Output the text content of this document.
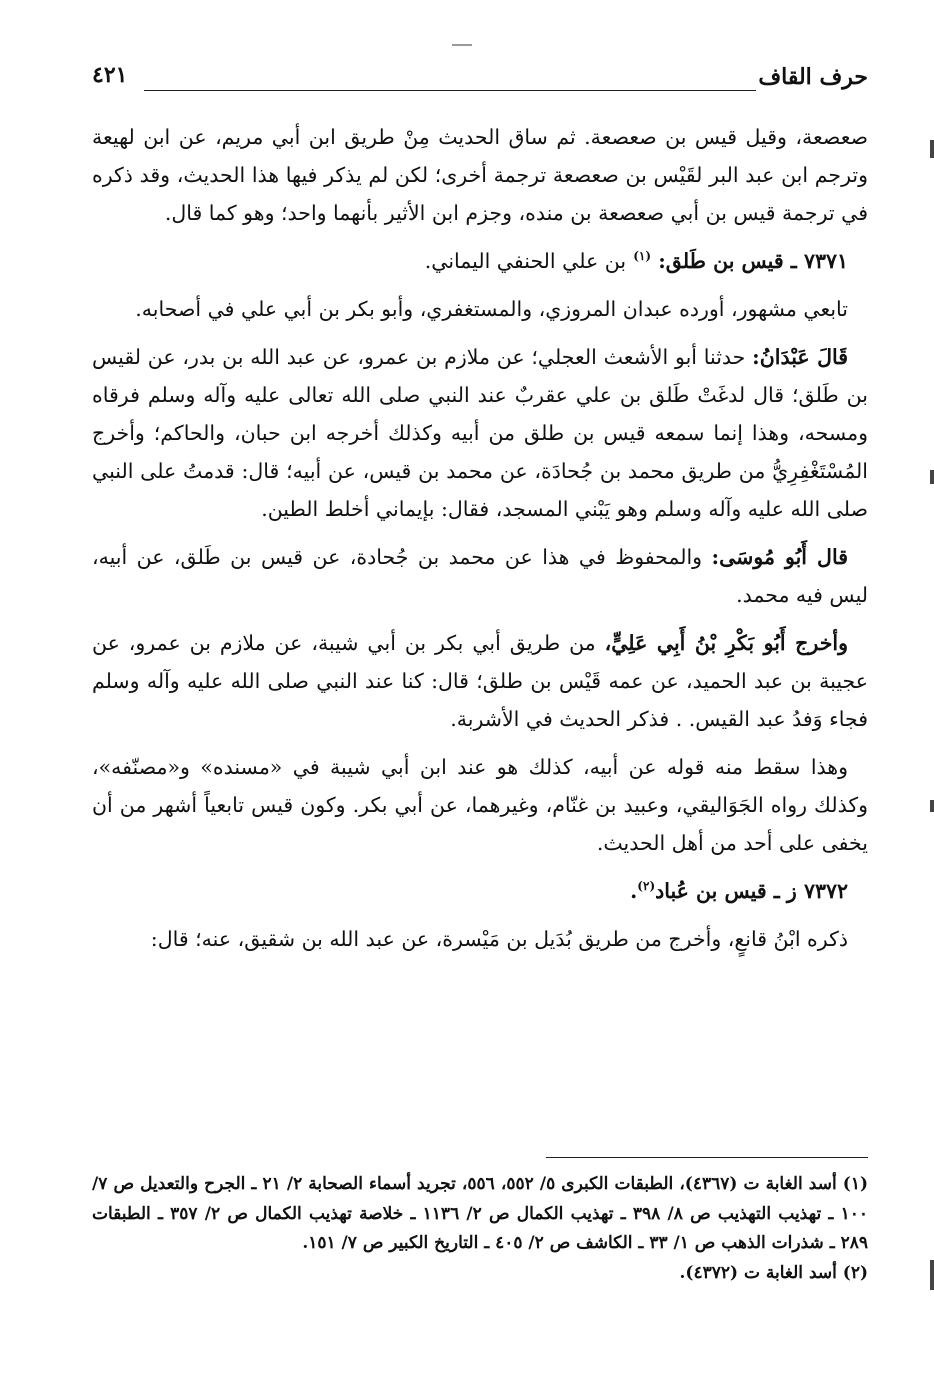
حرف القاف
٤٢١

صعصعة، وقيل قيس بن صعصعة. ثم ساق الحديث مِنْ طريق ابن أبي مريم، عن ابن لهيعة وترجم ابن عبد البر لقَيْس بن صعصعة ترجمة أخرى؛ لكن لم يذكر فيها هذا الحديث، وقد ذكره في ترجمة قيس بن أبي صعصعة بن منده، وجزم ابن الأثير بأنهما واحد؛ وهو كما قال.

٧٣٧١ ـ قيس بن طَلق: $^{(١)}$ بن علي الحنفي اليماني.

تابعي مشهور، أورده عبدان المروزي، والمستغفري، وأبو بكر بن أبي علي في أصحابه.

قَالَ عَبْدَانُ: حدثنا أبو الأشعث العجلي؛ عن ملازم بن عمرو، عن عبد الله بن بدر، عن لقيس بن طَلق؛ قال لدغَتْ طَلق بن علي عقربٌ عند النبي صلى الله تعالى عليه وآله وسلم فرقاه ومسحه، وهذا إنما سمعه قيس بن طلق من أبيه وكذلك أخرجه ابن حبان، والحاكم؛ وأخرج المُسْتَغْفِرِيُّ من طريق محمد بن جُحادَة، عن محمد بن قيس، عن أبيه؛ قال: قدمتُ على النبي صلى الله عليه وآله وسلم وهو يَبْني المسجد، فقال: بإيماني أخلط الطين.

قال أَبُو مُوسَى: والمحفوظ في هذا عن محمد بن جُحادة، عن قيس بن طَلق، عن أبيه، ليس فيه محمد.

وأخرج أَبُو بَكْرِ بْنُ أَبِي عَلِيٍّ، من طريق أبي بكر بن أبي شيبة، عن ملازم بن عمرو، عن عجيبة بن عبد الحميد، عن عمه قَيْس بن طلق؛ قال: كنا عند النبي صلى الله عليه وآله وسلم فجاء وَفدُ عبد القيس. . فذكر الحديث في الأشربة.

وهذا سقط منه قوله عن أبيه، كذلك هو عند ابن أبي شيبة في «مسنده» و«مصنّفه»، وكذلك رواه الجَوَاليقي، وعبيد بن غنّام، وغيرهما، عن أبي بكر. وكون قيس تابعياً أشهر من أن يخفى على أحد من أهل الحديث.

٧٣٧٢ ز ـ قيس بن عُباد$^{(٢)}$.

ذكره ابْنُ قانعٍ، وأخرج من طريق بُدَيل بن مَيْسرة، عن عبد الله بن شقيق، عنه؛ قال:

(١) أسد الغابة ت (٤٣٦٧)، الطبقات الكبرى ٥/ ٥٥٢، ٥٥٦، تجريد أسماء الصحابة ٢/ ٢١ ـ الجرح والتعديل ص ٧/ ١٠٠ ـ تهذيب التهذيب ص ٨/ ٣٩٨ ـ تهذيب الكمال ص ٢/ ١١٣٦ ـ خلاصة تهذيب الكمال ص ٢/ ٣٥٧ ـ الطبقات ٢٨٩ ـ شذرات الذهب ص ١/ ٣٣ ـ الكاشف ص ٢/ ٤٠٥ ـ التاريخ الكبير ص ٧/ ١٥١.

(٢) أسد الغابة ت (٤٣٧٢).
